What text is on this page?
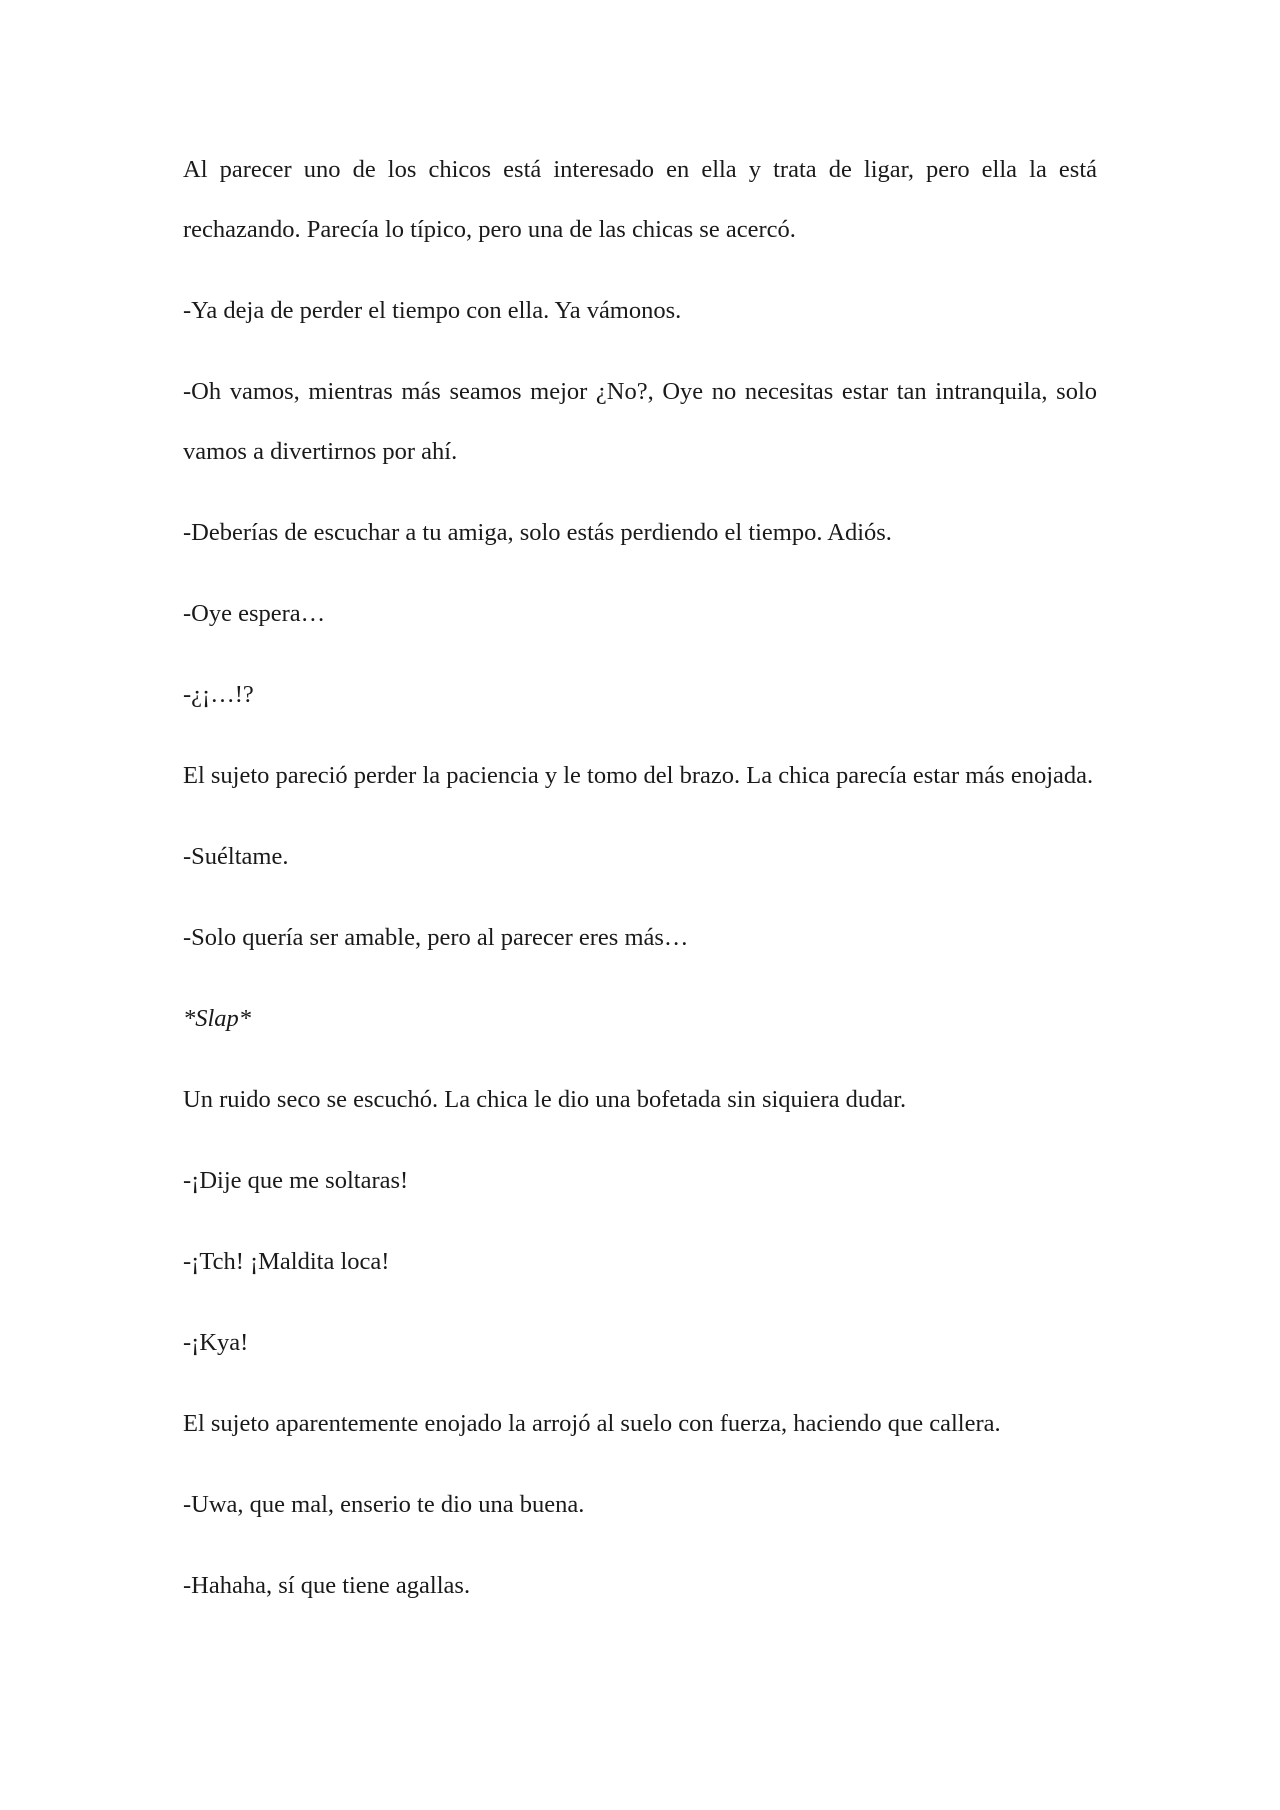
Al parecer uno de los chicos está interesado en ella y trata de ligar, pero ella la está rechazando. Parecía lo típico, pero una de las chicas se acercó.

-Ya deja de perder el tiempo con ella. Ya vámonos.

-Oh vamos, mientras más seamos mejor ¿No?, Oye no necesitas estar tan intranquila, solo vamos a divertirnos por ahí.

-Deberías de escuchar a tu amiga, solo estás perdiendo el tiempo. Adiós.

-Oye espera…

-¿¡…!?

El sujeto pareció perder la paciencia y le tomo del brazo. La chica parecía estar más enojada.

-Suéltame.

-Solo quería ser amable, pero al parecer eres más…

*Slap*

Un ruido seco se escuchó. La chica le dio una bofetada sin siquiera dudar.

-¡Dije que me soltaras!

-¡Tch! ¡Maldita loca!

-¡Kya!

El sujeto aparentemente enojado la arrojó al suelo con fuerza, haciendo que callera.

-Uwa, que mal, enserio te dio una buena.

-Hahaha, sí que tiene agallas.
